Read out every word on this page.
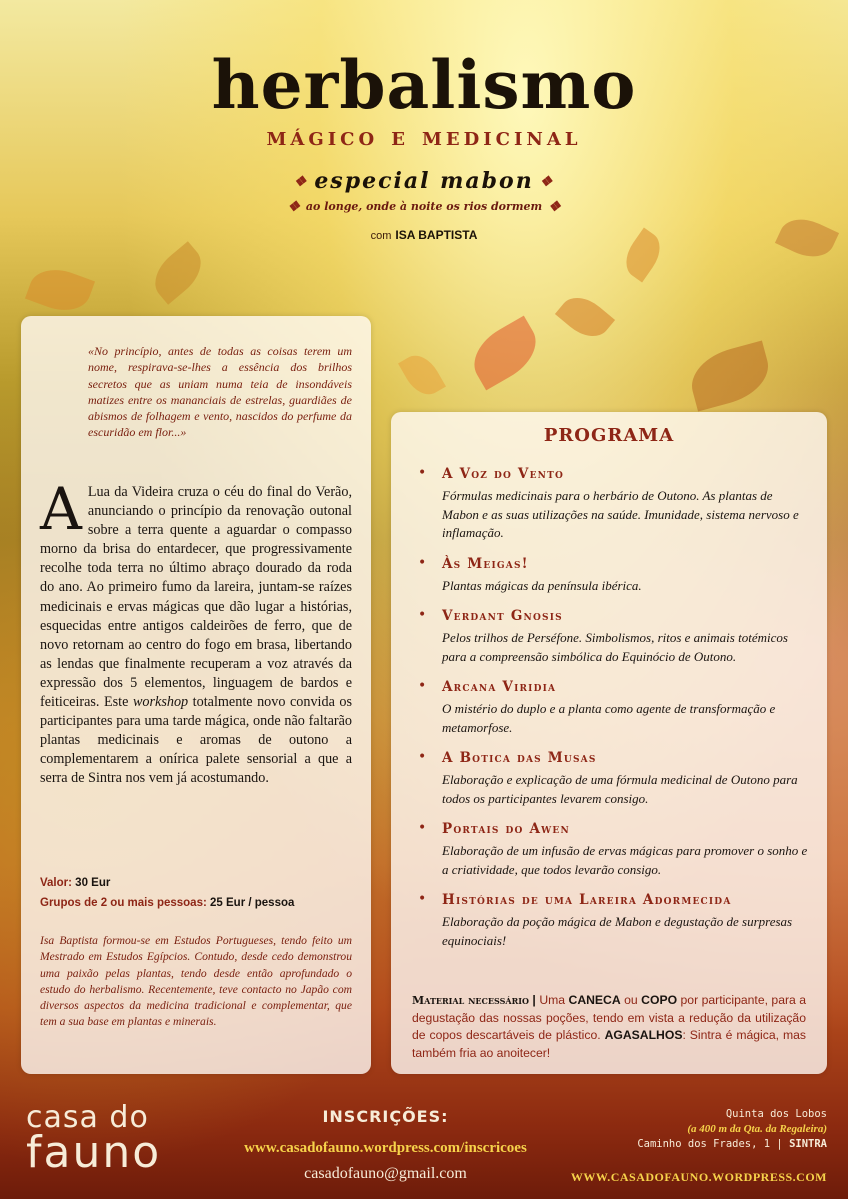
herbalismo
mágico e medicinal
❖ especial mabon ❖
❖ ao longe, onde à noite os rios dormem ❖
com ISA BAPTISTA
«No princípio, antes de todas as coisas terem um nome, respirava-se-lhes a essência dos brilhos secretos que as uniam numa teia de insondáveis matizes entre os mananciais de estrelas, guardiães de abismos de folhagem e vento, nascidos do perfume da escuridão em flor...»
A Lua da Videira cruza o céu do final do Verão, anunciando o princípio da renovação outonal sobre a terra quente a aguardar o compasso morno da brisa do entardecer, que progressivamente recolhe toda terra no último abraço dourado da roda do ano. Ao primeiro fumo da lareira, juntam-se raízes medicinais e ervas mágicas que dão lugar a histórias, esquecidas entre antigos caldeirões de ferro, que de novo retornam ao centro do fogo em brasa, libertando as lendas que finalmente recuperam a voz através da expressão dos 5 elementos, linguagem de bardos e feiticeiras. Este workshop totalmente novo convida os participantes para uma tarde mágica, onde não faltarão plantas medicinais e aromas de outono a complementarem a onírica palete sensorial a que a serra de Sintra nos vem já acostumando.
Valor: 30 Eur
Grupos de 2 ou mais pessoas: 25 Eur / pessoa
Isa Baptista formou-se em Estudos Portugueses, tendo feito um Mestrado em Estudos Egípcios. Contudo, desde cedo demonstrou uma paixão pelas plantas, tendo desde então aprofundado o estudo do herbalismo. Recentemente, teve contacto no Japão com diversos aspectos da medicina tradicional e complementar, que tem a sua base em plantas e minerais.
PROGRAMA
• A Voz do Vento
Fórmulas medicinais para o herbário de Outono. As plantas de Mabon e as suas utilizações na saúde. Imunidade, sistema nervoso e inflamação.
• Às Meigas!
Plantas mágicas da península ibérica.
• Verdant Gnosis
Pelos trilhos de Perséfone. Simbolismos, ritos e animais totémicos para a compreensão simbólica do Equinócio de Outono.
• Arcana Viridia
O mistério do duplo e a planta como agente de transformação e metamorfose.
• A Botica das Musas
Elaboração e explicação de uma fórmula medicinal de Outono para todos os participantes levarem consigo.
• Portais do Awen
Elaboração de um infusão de ervas mágicas para promover o sonho e a criatividade, que todos levarão consigo.
• Histórias de uma Lareira Adormecida
Elaboração da poção mágica de Mabon e degustação de surpresas equinociais!
Material necessário | Uma CANECA ou COPO por participante, para a degustação das nossas poções, tendo em vista a redução da utilização de copos descartáveis de plástico. AGASALHOS: Sintra é mágica, mas também fria ao anoitecer!
casa do
fauno
INSCRIÇÕES:
www.casadofauno.wordpress.com/inscricoes
casadofauno@gmail.com
Quinta dos Lobos
(a 400 m da Qta. da Regaleira)
Caminho dos Frades, 1 | SINTRA
WWW.CASADOFAUNO.WORDPRESS.COM
